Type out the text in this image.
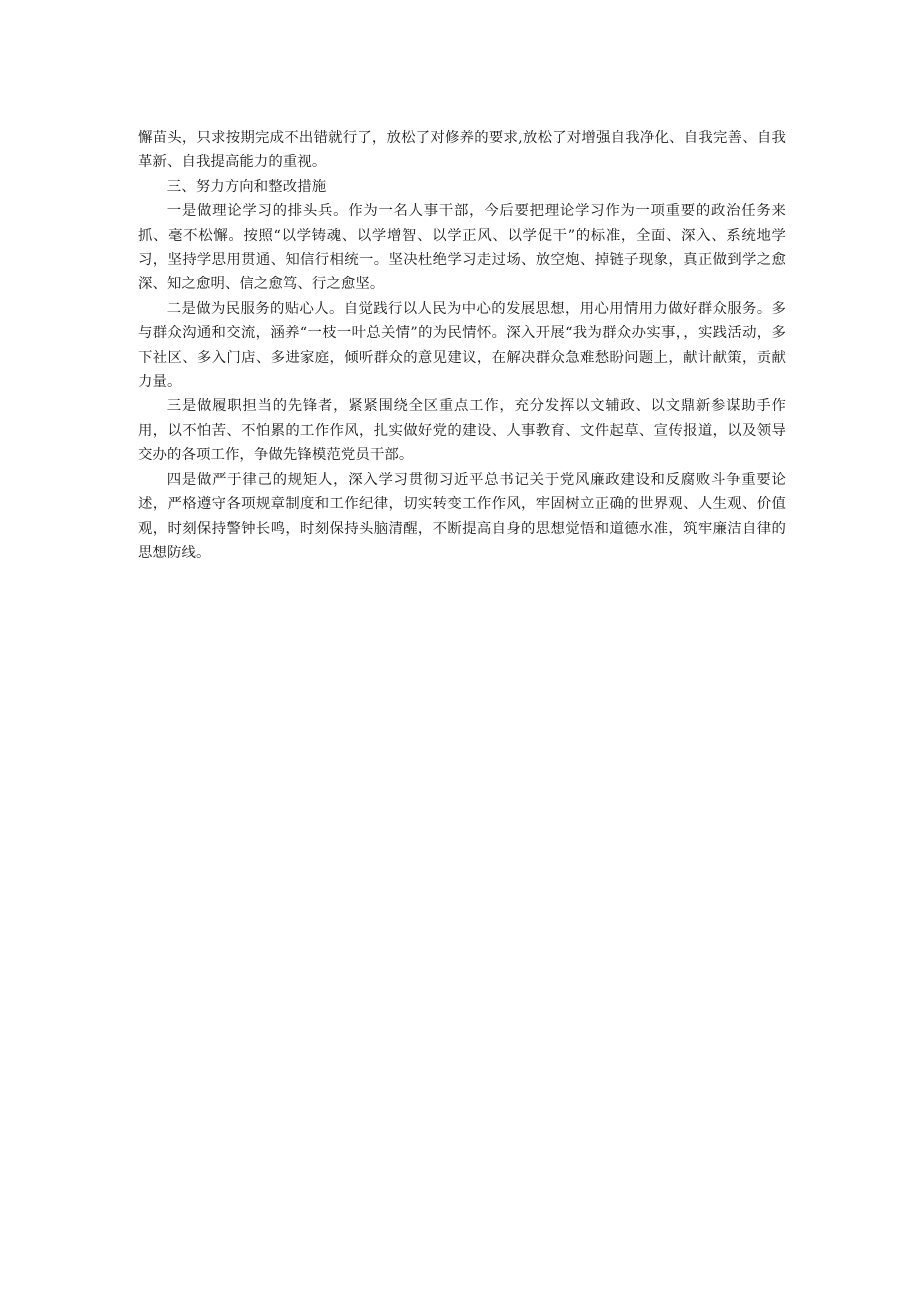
懈苗头，只求按期完成不出错就行了，放松了对修养的要求,放松了对增强自我净化、自我完善、自我革新、自我提高能力的重视。

三、努力方向和整改措施

一是做理论学习的排头兵。作为一名人事干部，今后要把理论学习作为一项重要的政治任务来抓、毫不松懈。按照“以学铸魂、以学增智、以学正风、以学促干”的标准，全面、深入、系统地学习，坚持学思用贯通、知信行相统一。坚决杜绝学习走过场、放空炮、掉链子现象，真正做到学之愈深、知之愈明、信之愈笃、行之愈坚。

二是做为民服务的贴心人。自觉践行以人民为中心的发展思想，用心用情用力做好群众服务。多与群众沟通和交流，涵养“一枝一叶总关情”的为民情怀。深入开展“我为群众办实事，，实践活动，多下社区、多入门店、多进家庭，倾听群众的意见建议，在解决群众急难愁盼问题上，献计献策，贡献力量。

三是做履职担当的先锋者，紧紧围绕全区重点工作，充分发挥以文辅政、以文鼎新参谋助手作用，以不怕苦、不怕累的工作作风，扎实做好党的建设、人事教育、文件起草、宣传报道，以及领导交办的各项工作，争做先锋模范党员干部。

四是做严于律己的规矩人，深入学习贯彻习近平总书记关于党风廉政建设和反腐败斗争重要论述，严格遵守各项规章制度和工作纪律，切实转变工作作风，牢固树立正确的世界观、人生观、价值观，时刻保持警钟长鸣，时刻保持头脑清醒，不断提高自身的思想觉悟和道德水准，筑牢廉洁自律的思想防线。
